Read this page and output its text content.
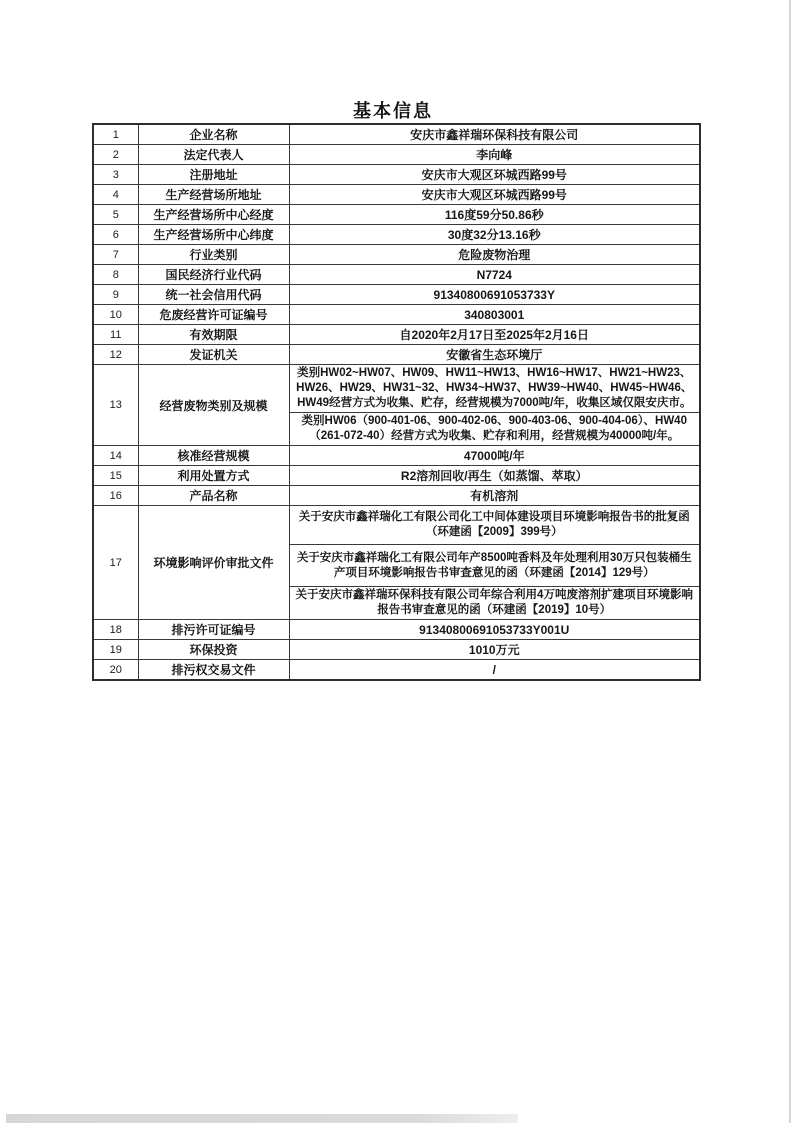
基本信息
1	企业名称	安庆市鑫祥瑞环保科技有限公司
2	法定代表人	李向峰
3	注册地址	安庆市大观区环城西路99号
4	生产经营场所地址	安庆市大观区环城西路99号
5	生产经营场所中心经度	116度59分50.86秒
6	生产经营场所中心纬度	30度32分13.16秒
7	行业类别	危险废物治理
8	国民经济行业代码	N7724
9	统一社会信用代码	91340800691053733Y
10	危废经营许可证编号	340803001
11	有效期限	自2020年2月17日至2025年2月16日
12	发证机关	安徽省生态环境厅
13	经营废物类别及规模	类别HW02~HW07、HW09、HW11~HW13、HW16~HW17、HW21~HW23、HW26、HW29、HW31~32、HW34~HW37、HW39~HW40、HW45~HW46、HW49经营方式为收集、贮存，经营规模为7000吨/年，收集区域仅限安庆市。
		类别HW06（900-401-06、900-402-06、900-403-06、900-404-06）、HW40（261-072-40）经营方式为收集、贮存和利用，经营规模为40000吨/年。
14	核准经营规模	47000吨/年
15	利用处置方式	R2溶剂回收/再生（如蒸馏、萃取）
16	产品名称	有机溶剂
17	环境影响评价审批文件	关于安庆市鑫祥瑞化工有限公司化工中间体建设项目环境影响报告书的批复函（环建函【2009】399号）
		关于安庆市鑫祥瑞化工有限公司年产8500吨香料及年处理利用30万只包装桶生产项目环境影响报告书审查意见的函（环建函【2014】129号）
		关于安庆市鑫祥瑞环保科技有限公司年综合利用4万吨废溶剂扩建项目环境影响报告书审查意见的函（环建函【2019】10号）
18	排污许可证编号	91340800691053733Y001U
19	环保投资	1010万元
20	排污权交易文件	/
